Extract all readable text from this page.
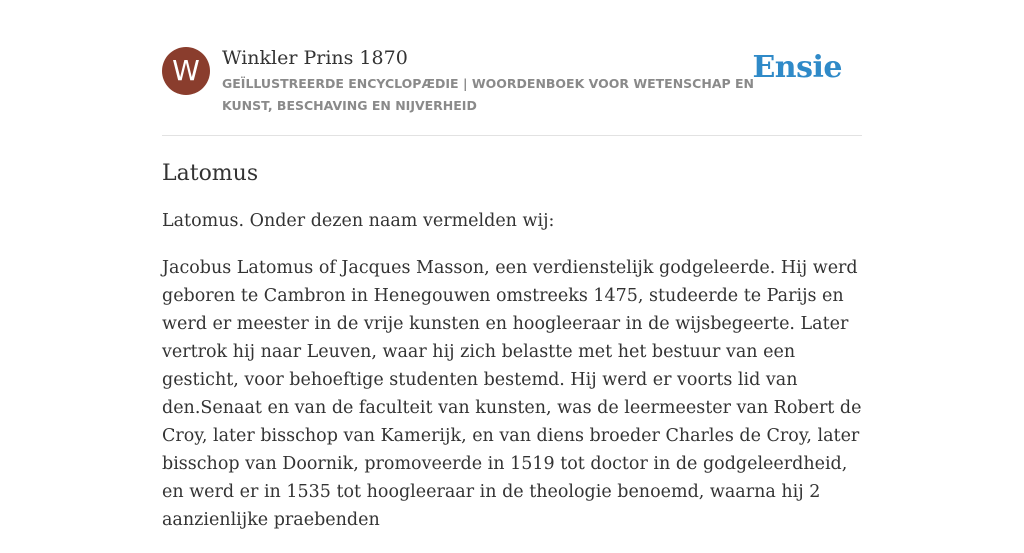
W	Winkler Prins 1870
GEÏLLUSTREERDE ENCYCLOPÆDIE | WOORDENBOEK VOOR WETENSCHAP EN KUNST, BESCHAVING EN NIJVERHEID
Ensie
Latomus

Latomus. Onder dezen naam vermelden wij:

Jacobus Latomus of Jacques Masson, een verdienstelijk godgeleerde. Hij werd geboren te Cambron in Henegouwen omstreeks 1475, studeerde te Parijs en werd er meester in de vrije kunsten en hoogleeraar in de wijsbegeerte. Later vertrok hij naar Leuven, waar hij zich belastte met het bestuur van een gesticht, voor behoeftige studenten bestemd. Hij werd er voorts lid van den.Senaat en van de faculteit van kunsten, was de leermeester van Robert de Croy, later bisschop van Kamerijk, en van diens broeder Charles de Croy, later bisschop van Doornik, promoveerde in 1519 tot doctor in de godgeleerdheid, en werd er in 1535 tot hoogleeraar in de theologie benoemd, waarna hij 2 aanzienlijke praebenden
